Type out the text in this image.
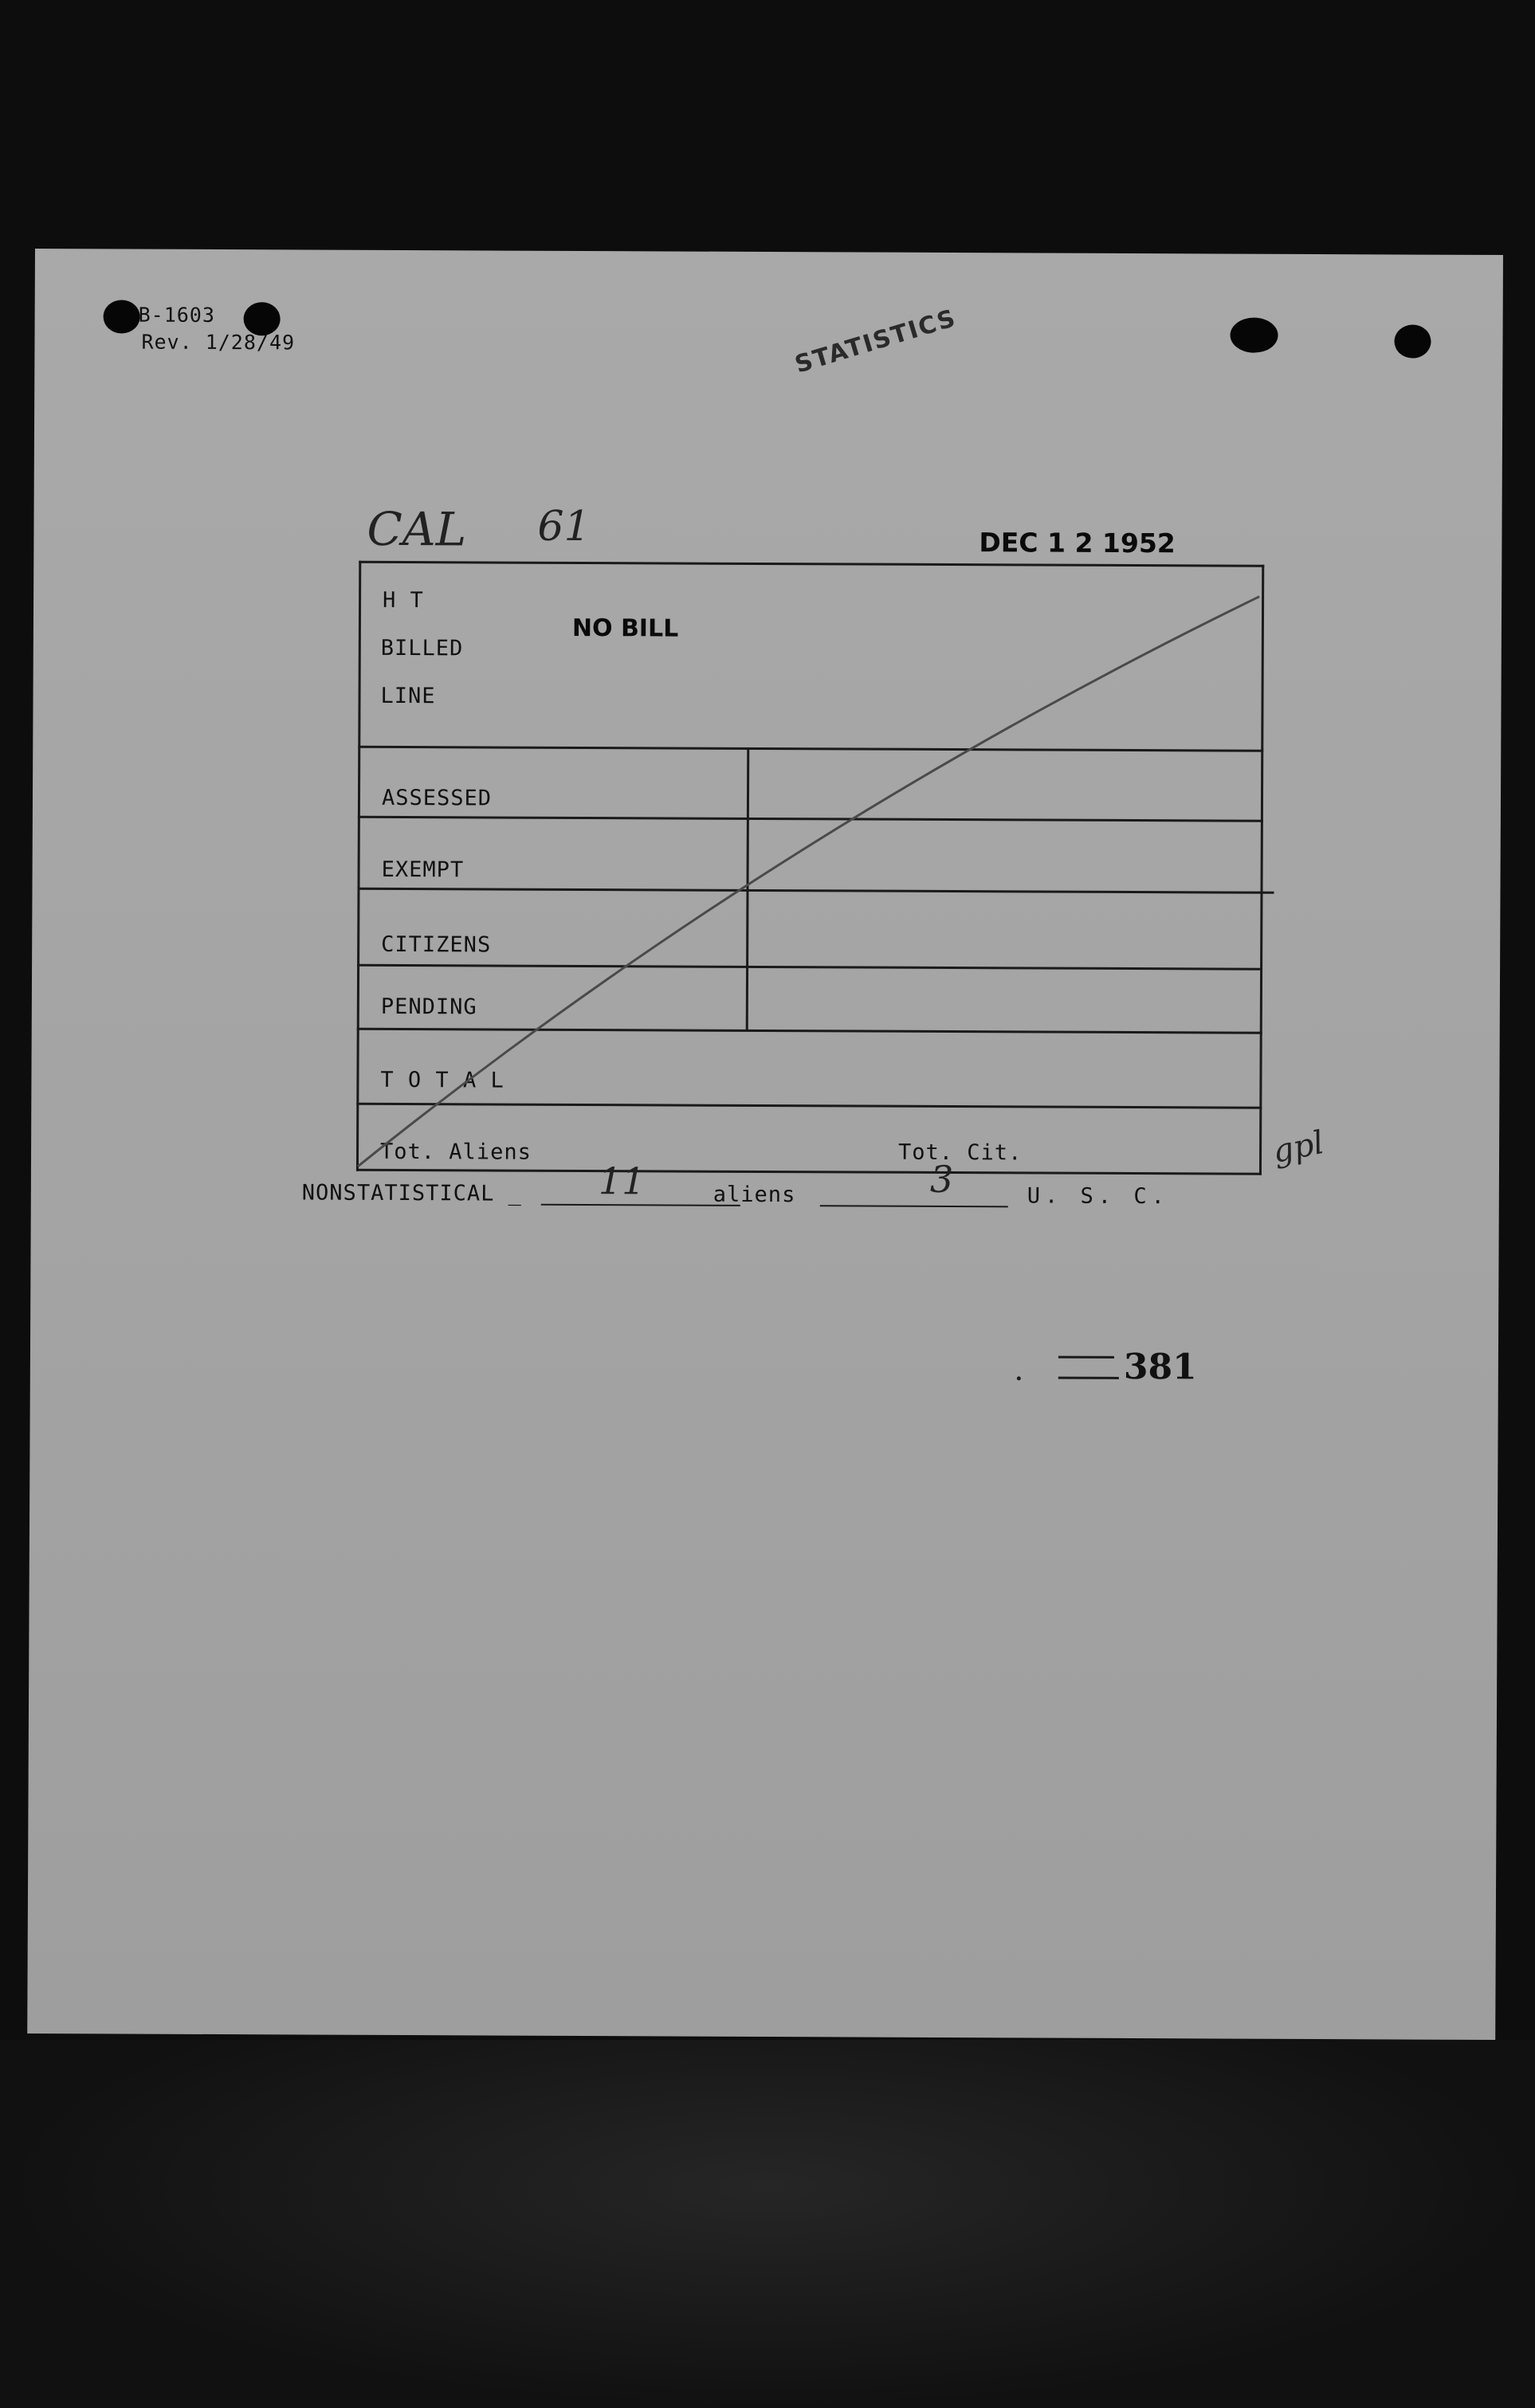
B-1603
Rev. 1/28/49	STATISTICS
CAL 61	DEC 1 2 1952
H T
BILLED
LINE
NO BILL
ASSESSED
EXEMPT
CITIZENS
PENDING
T O T A L
Tot. Aliens	Tot. Cit.	gpl
NONSTATISTICAL _ 11	aliens	3	U. S. C.
381
